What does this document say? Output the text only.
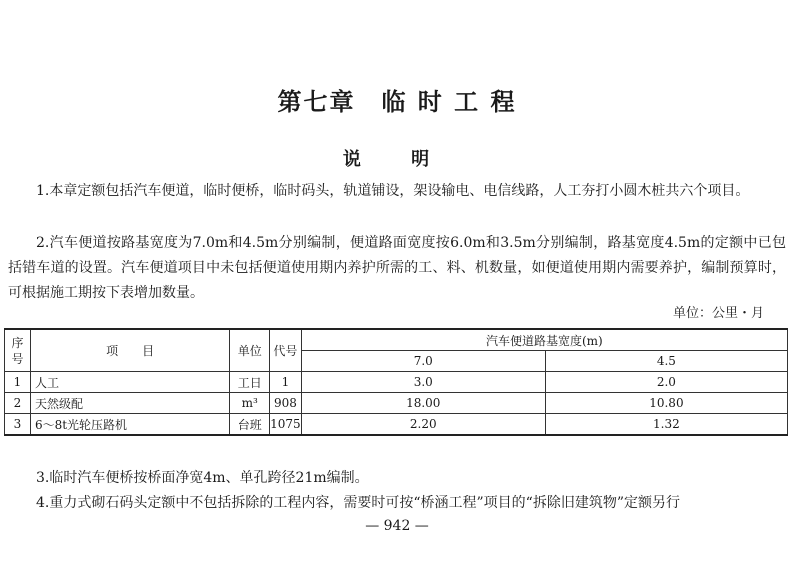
第七章 临 时 工 程
说 明
1.本章定额包括汽车便道，临时便桥，临时码头，轨道铺设，架设输电、电信线路，人工夯打小圆木桩共六个项目。
2.汽车便道按路基宽度为7.0m和4.5m分别编制，便道路面宽度按6.0m和3.5m分别编制，路基宽度4.5m的定额中已包括错车道的设置。汽车便道项目中未包括便道使用期内养护所需的工、料、机数量，如便道使用期内需要养护，编制预算时，可根据施工期按下表增加数量。
单位：公里・月
序号	项　　目	单位	代号	汽车便道路基宽度(m)	
				7.0	4.5
1	人工	工日	1	3.0	2.0
2	天然级配	m³	908	18.00	10.80
3	6～8t光轮压路机	台班	1075	2.20	1.32
3.临时汽车便桥按桥面净宽4m、单孔跨径21m编制。
4.重力式砌石码头定额中不包括拆除的工程内容，需要时可按“桥涵工程”项目的“拆除旧建筑物”定额另行
— 942 —
